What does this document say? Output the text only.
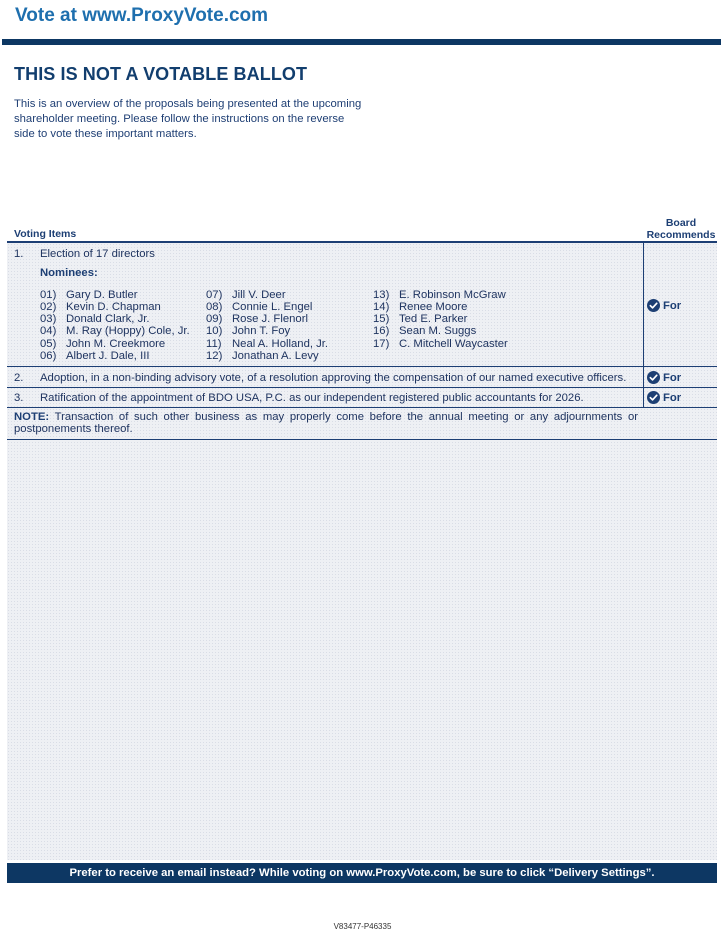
Vote at www.ProxyVote.com
THIS IS NOT A VOTABLE BALLOT
This is an overview of the proposals being presented at the upcoming shareholder meeting. Please follow the instructions on the reverse side to vote these important matters.
Voting Items
Board
Recommends
1. Election of 17 directors
Nominees:
01) Gary D. Butler
02) Kevin D. Chapman
03) Donald Clark, Jr.
04) M. Ray (Hoppy) Cole, Jr.
05) John M. Creekmore
06) Albert J. Dale, III
07) Jill V. Deer
08) Connie L. Engel
09) Rose J. Flenorl
10) John T. Foy
11) Neal A. Holland, Jr.
12) Jonathan A. Levy
13) E. Robinson McGraw
14) Renee Moore
15) Ted E. Parker
16) Sean M. Suggs
17) C. Mitchell Waycaster
For
2. Adoption, in a non-binding advisory vote, of a resolution approving the compensation of our named executive officers.	For
3. Ratification of the appointment of BDO USA, P.C. as our independent registered public accountants for 2026.	For
NOTE: Transaction of such other business as may properly come before the annual meeting or any adjournments or postponements thereof.
Prefer to receive an email instead? While voting on www.ProxyVote.com, be sure to click “Delivery Settings”.
V83477-P46335
